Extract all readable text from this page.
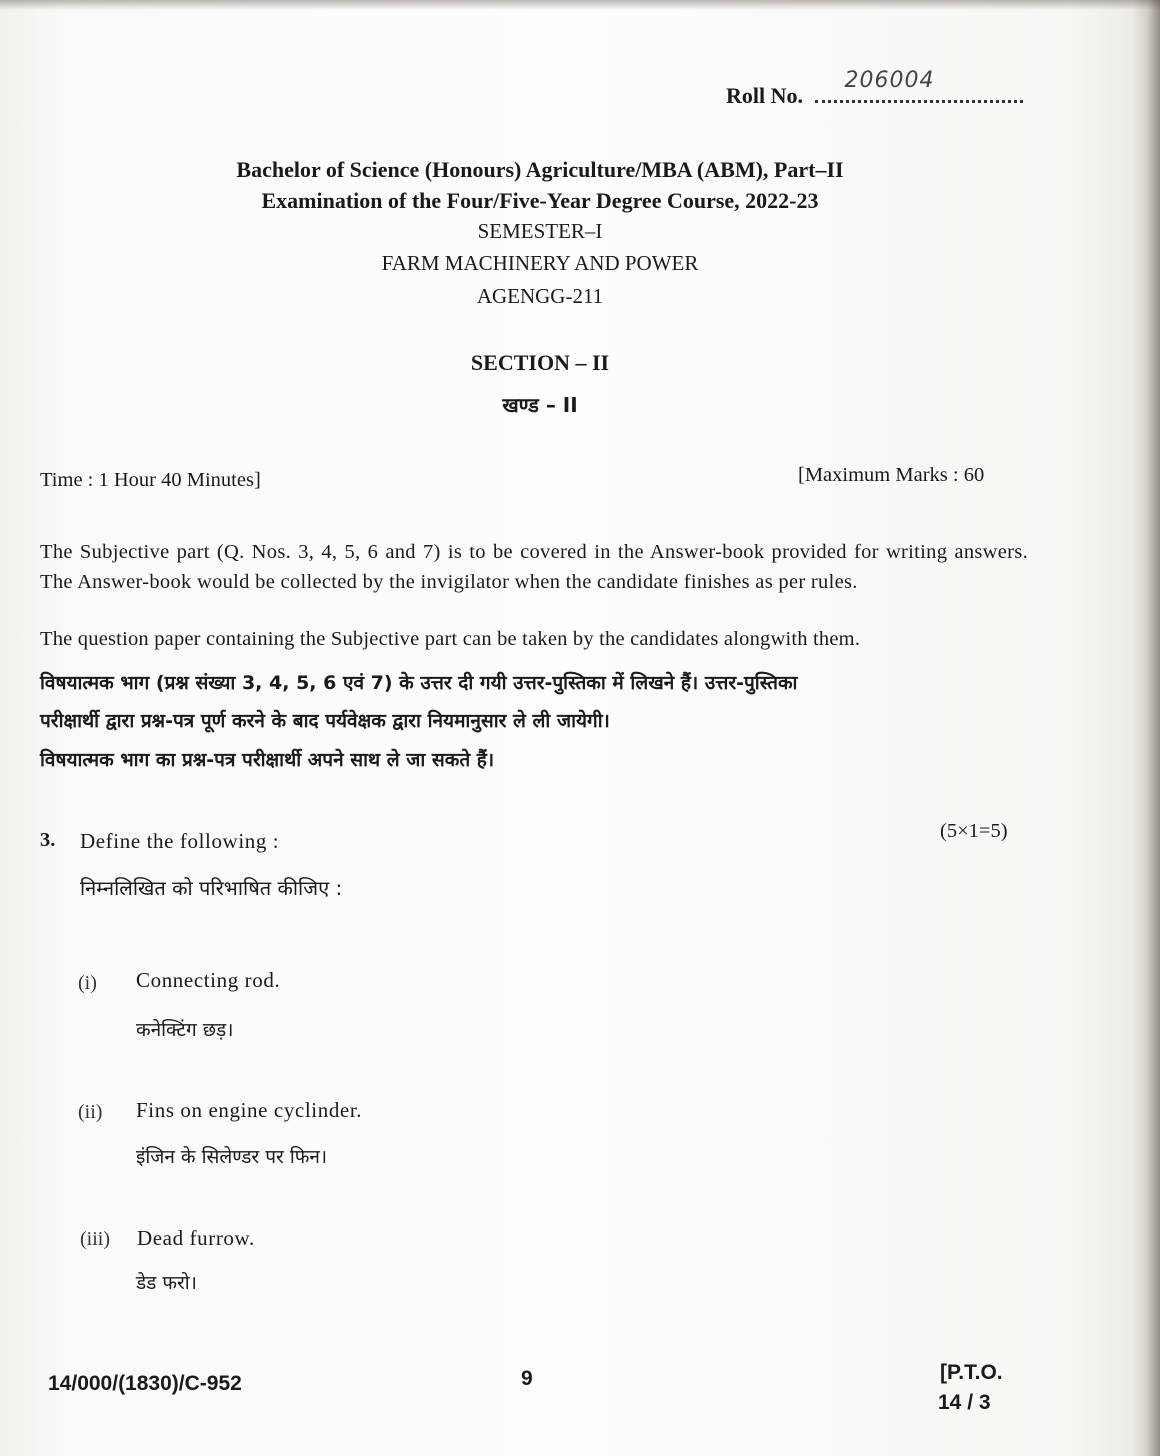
Roll No.
206004
Bachelor of Science (Honours) Agriculture/MBA (ABM), Part–II
Examination of the Four/Five-Year Degree Course, 2022-23
SEMESTER–I
FARM MACHINERY AND POWER
AGENGG-211
SECTION – II
खण्ड – II
Time : 1 Hour 40 Minutes]	[Maximum Marks : 60
The Subjective part (Q. Nos. 3, 4, 5, 6 and 7) is to be covered in the Answer-book provided for writing answers. The Answer-book would be collected by the invigilator when the candidate finishes as per rules.
The question paper containing the Subjective part can be taken by the candidates alongwith them.
विषयात्मक भाग (प्रश्न संख्या 3, 4, 5, 6 एवं 7) के उत्तर दी गयी उत्तर-पुस्तिका में लिखने हैं। उत्तर-पुस्तिका
परीक्षार्थी द्वारा प्रश्न-पत्र पूर्ण करने के बाद पर्यवेक्षक द्वारा नियमानुसार ले ली जायेगी।
विषयात्मक भाग का प्रश्न-पत्र परीक्षार्थी अपने साथ ले जा सकते हैं।
3. Define the following :	(5×1=5)
निम्नलिखित को परिभाषित कीजिए :
(i) Connecting rod.
कनेक्टिंग छड़।
(ii) Fins on engine cyclinder.
इंजिन के सिलेण्डर पर फिन।
(iii) Dead furrow.
डेड फरो।
14/000/(1830)/C-952	9	[P.T.O.
14 / 3
